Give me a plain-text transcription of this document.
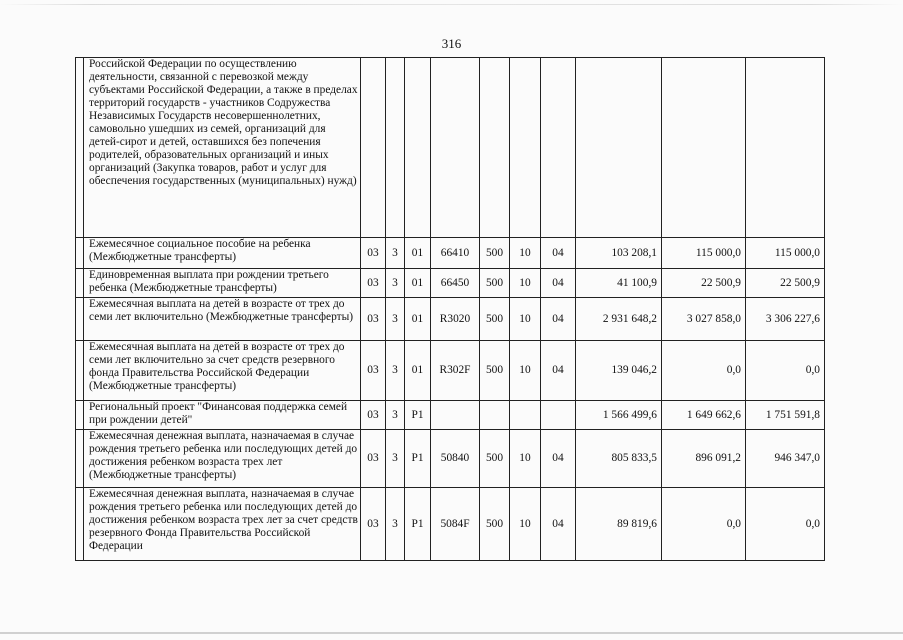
316
	Российской Федерации по осуществлению деятельности, связанной с перевозкой между субъектами Российской Федерации, а также в пределах территорий государств - участников Содружества Независимых Государств несовершеннолетних, самовольно ушедших из семей, организаций для детей-сирот и детей, оставшихся без попечения родителей, образовательных организаций и иных организаций (Закупка товаров, работ и услуг для обеспечения государственных (муниципальных) нужд)										
	Ежемесячное социальное пособие на ребенка (Межбюджетные трансферты)	03	3	01	66410	500	10	04	103 208,1	115 000,0	115 000,0
	Единовременная выплата при рождении третьего ребенка (Межбюджетные трансферты)	03	3	01	66450	500	10	04	41 100,9	22 500,9	22 500,9
	Ежемесячная выплата на детей в возрасте от трех до семи лет включительно (Межбюджетные трансферты)	03	3	01	R3020	500	10	04	2 931 648,2	3 027 858,0	3 306 227,6
	Ежемесячная выплата на детей в возрасте от трех до семи лет включительно за счет средств резервного фонда Правительства Российской Федерации (Межбюджетные трансферты)	03	3	01	R302F	500	10	04	139 046,2	0,0	0,0
	Региональный проект "Финансовая поддержка семей при рождении детей"	03	3	P1					1 566 499,6	1 649 662,6	1 751 591,8
	Ежемесячная денежная выплата, назначаемая в случае рождения третьего ребенка или последующих детей до достижения ребенком возраста трех лет (Межбюджетные трансферты)	03	3	P1	50840	500	10	04	805 833,5	896 091,2	946 347,0
	Ежемесячная денежная выплата, назначаемая в случае рождения третьего ребенка или последующих детей до достижения ребенком возраста трех лет за счет средств резервного Фонда Правительства Российской Федерации	03	3	P1	5084F	500	10	04	89 819,6	0,0	0,0
